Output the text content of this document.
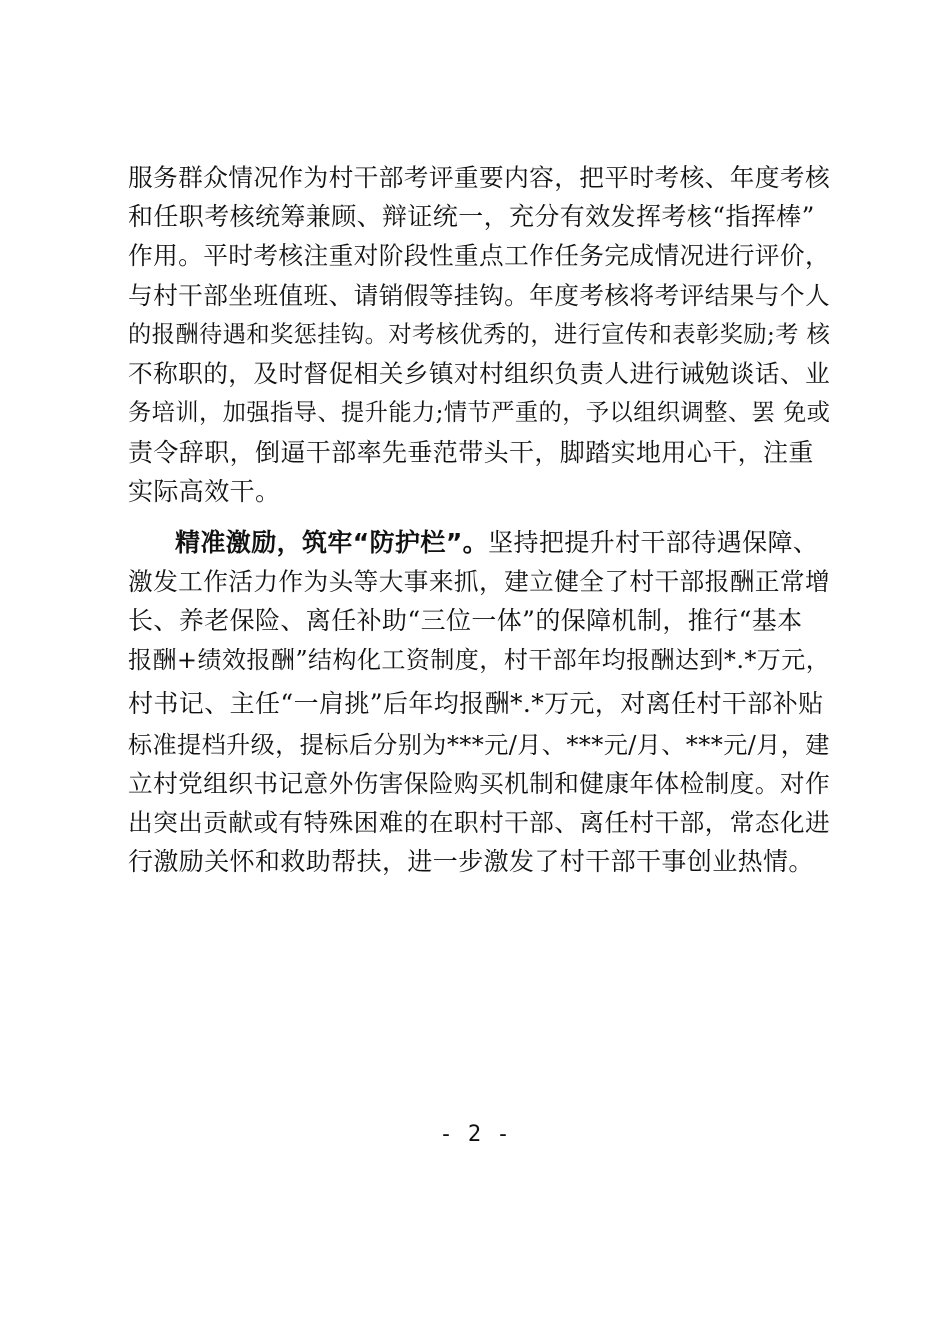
服务群众情况作为村干部考评重要内容，把平时考核、年度考核
和任职考核统筹兼顾、辩证统一，充分有效发挥考核“指挥棒”
作用。平时考核注重对阶段性重点工作任务完成情况进行评价，
与村干部坐班值班、请销假等挂钩。年度考核将考评结果与个人
的报酬待遇和奖惩挂钩。对考核优秀的，进行宣传和表彰奖励;考 核
不称职的，及时督促相关乡镇对村组织负责人进行诫勉谈话、业
务培训，加强指导、提升能力;情节严重的，予以组织调整、罢 免或
责令辞职，倒逼干部率先垂范带头干，脚踏实地用心干，注重
实际高效干。
精准激励，筑牢“防护栏”。坚持把提升村干部待遇保障、
激发工作活力作为头等大事来抓，建立健全了村干部报酬正常增
长、养老保险、离任补助“三位一体”的保障机制，推行“基本
报酬+绩效报酬”结构化工资制度，村干部年均报酬达到*.*万元，
村书记、主任“一肩挑”后年均报酬*.*万元，对离任村干部补贴
标准提档升级，提标后分别为***元/月、***元/月、***元/月，建
立村党组织书记意外伤害保险购买机制和健康年体检制度。对作
出突出贡献或有特殊困难的在职村干部、离任村干部，常态化进
行激励关怀和救助帮扶，进一步激发了村干部干事创业热情。
- 2 -
